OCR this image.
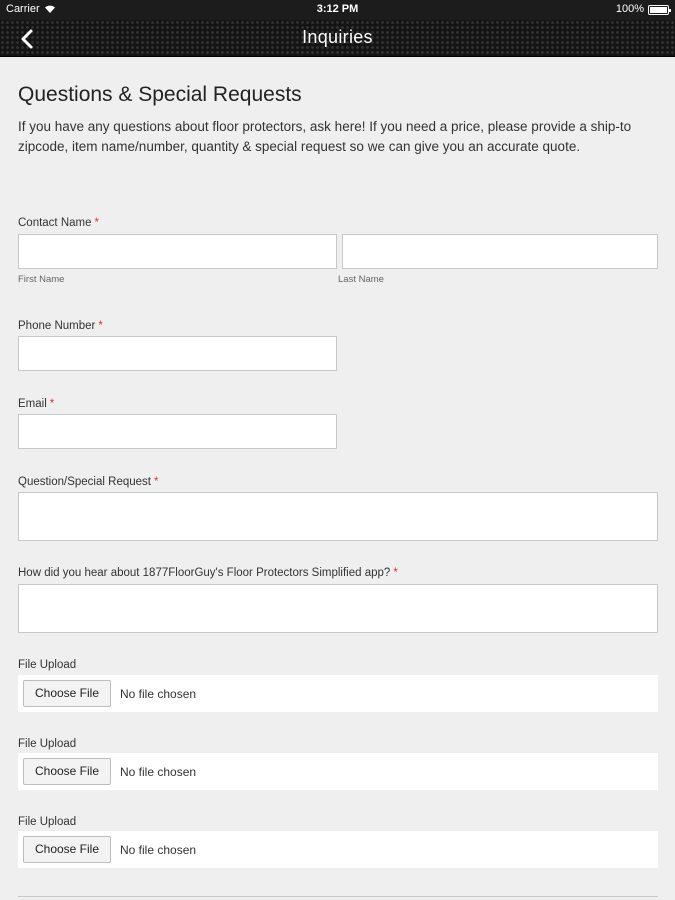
Carrier	3:12 PM	100%
Inquiries
Questions & Special Requests
If you have any questions about floor protectors, ask here! If you need a price, please provide a ship-to zipcode, item name/number, quantity & special request so we can give you an accurate quote.
Contact Name *
First Name	Last Name
Phone Number *
Email *
Question/Special Request *
How did you hear about 1877FloorGuy's Floor Protectors Simplified app? *
File Upload
Choose File	No file chosen
File Upload
Choose File	No file chosen
File Upload
Choose File	No file chosen
